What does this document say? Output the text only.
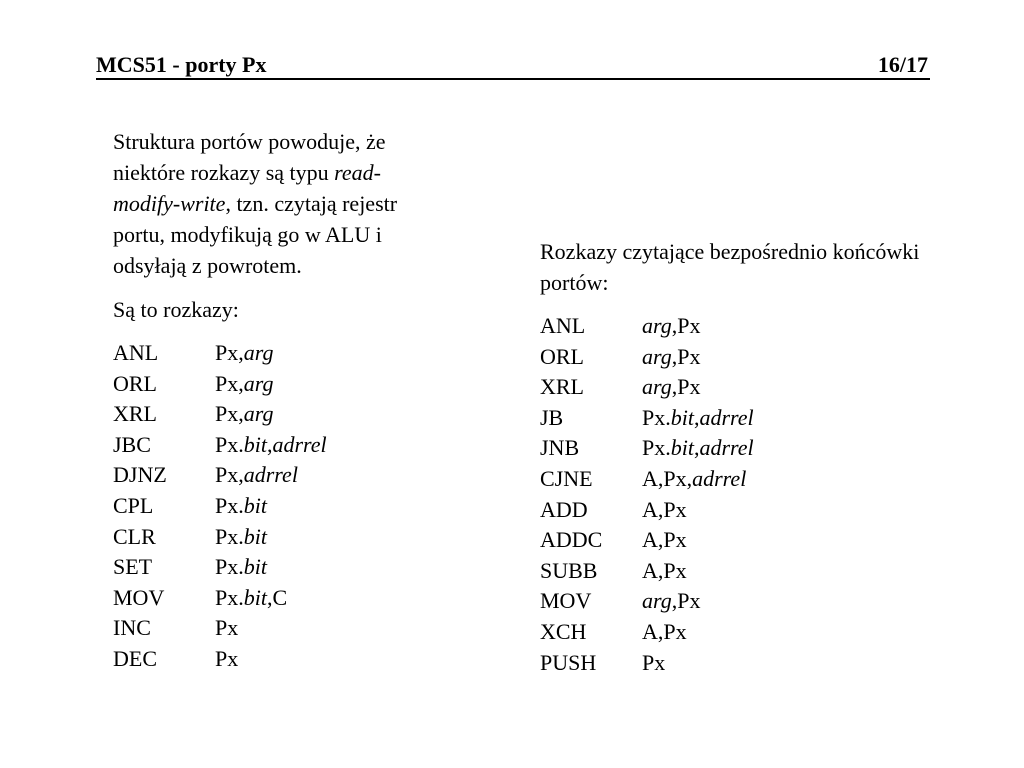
MCS51 - porty Px	16/17

Struktura portów powoduje, że niektóre rozkazy są typu read-modify-write, tzn. czytają rejestr portu, modyfikują go w ALU i odsyłają z powrotem.

Są to rozkazy:

ANL	Px,arg
ORL	Px,arg
XRL	Px,arg
JBC	Px.bit,adrrel
DJNZ	Px,adrrel
CPL	Px.bit
CLR	Px.bit
SET	Px.bit
MOV	Px.bit,C
INC	Px
DEC	Px

Rozkazy czytające bezpośrednio końcówki portów:

ANL	arg,Px
ORL	arg,Px
XRL	arg,Px
JB	Px.bit,adrrel
JNB	Px.bit,adrrel
CJNE	A,Px,adrrel
ADD	A,Px
ADDC	A,Px
SUBB	A,Px
MOV	arg,Px
XCH	A,Px
PUSH	Px
